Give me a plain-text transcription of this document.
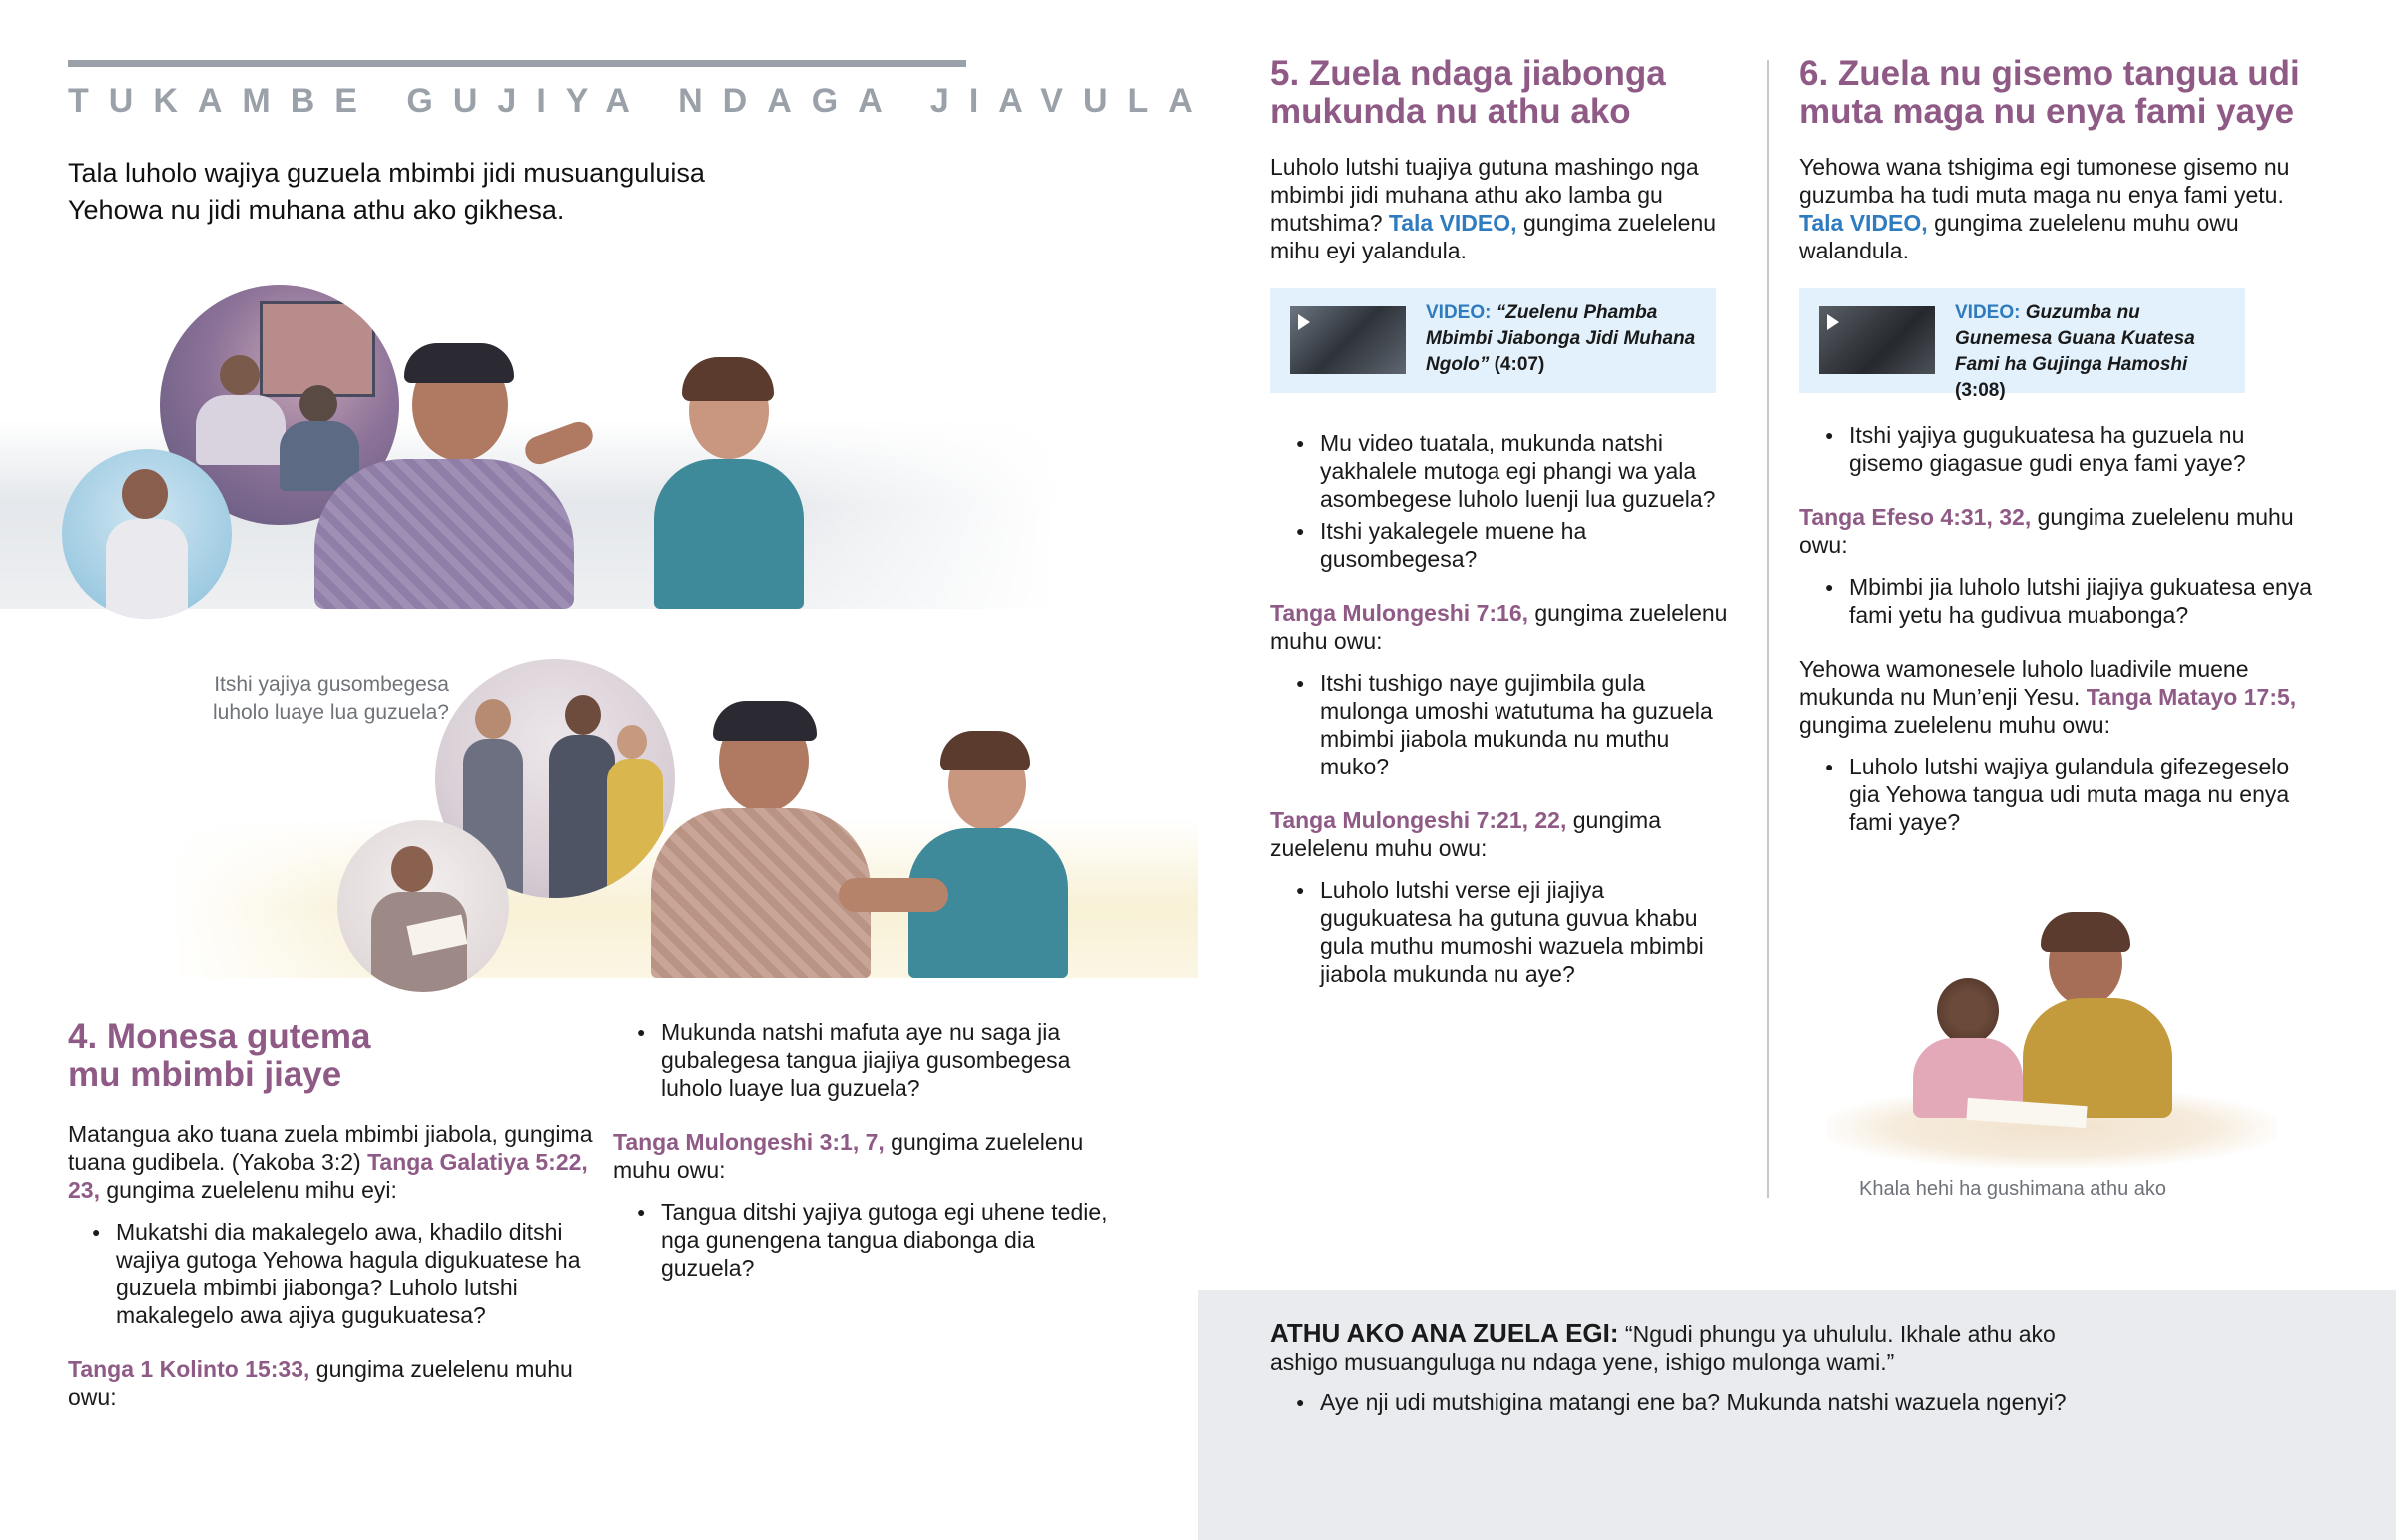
TUKAMBE GUJIYA NDAGA JIAVULA
Tala luholo wajiya guzuela mbimbi jidi musuanguluisa Yehowa nu jidi muhana athu ako gikhesa.
Itshi yajiya gusombegesa luholo luaye lua guzuela?
4. Monesa gutema
mu mbimbi jiaye
Matangua ako tuana zuela mbimbi jiabola, gungima tuana gudibela. (Yakoba 3:2) Tanga Galatiya 5:22, 23, gungima zuelelenu mihu eyi:
● Mukatshi dia makalegelo awa, khadilo ditshi wajiya gutoga Yehowa hagula digukuatese ha guzuela mbimbi jiabonga? Luholo lutshi makalegelo awa ajiya gugukuatesa?
Tanga 1 Kolinto 15:33, gungima zuelelenu muhu owu:
● Mukunda natshi mafuta aye nu saga jia gubalegesa tangua jiajiya gusombegesa luholo luaye lua guzuela?
Tanga Mulongeshi 3:1, 7, gungima zuelelenu muhu owu:
● Tangua ditshi yajiya gutoga egi uhene tedie, nga gunengena tangua diabonga dia guzuela?
5. Zuela ndaga jiabonga
mukunda nu athu ako
Luholo lutshi tuajiya gutuna mashingo nga mbimbi jidi muhana athu ako lamba gu mutshima? Tala VIDEO, gungima zuelelenu mihu eyi yalandula.
VIDEO: “Zuelenu Phamba Mbimbi Jiabonga Jidi Muhana Ngolo” (4:07)
● Mu video tuatala, mukunda natshi yakhalele mutoga egi phangi wa yala asombegese luholo luenji lua guzuela?
● Itshi yakalegele muene ha gusombegesa?
Tanga Mulongeshi 7:16, gungima zuelelenu muhu owu:
● Itshi tushigo naye gujimbila gula mulonga umoshi watutuma ha guzuela mbimbi jiabola mukunda nu muthu muko?
Tanga Mulongeshi 7:21, 22, gungima zuelelenu muhu owu:
● Luholo lutshi verse eji jiajiya gugukuatesa ha gutuna guvua khabu gula muthu mumoshi wazuela mbimbi jiabola mukunda nu aye?
6. Zuela nu gisemo tangua udi
muta maga nu enya fami yaye
Yehowa wana tshigima egi tumonese gisemo nu guzumba ha tudi muta maga nu enya fami yetu. Tala VIDEO, gungima zuelelenu muhu owu walandula.
VIDEO: Guzumba nu Gunemesa Guana Kuatesa Fami ha Gujinga Hamoshi (3:08)
● Itshi yajiya gugukuatesa ha guzuela nu gisemo giagasue gudi enya fami yaye?
Tanga Efeso 4:31, 32, gungima zuelelenu muhu owu:
● Mbimbi jia luholo lutshi jiajiya gukuatesa enya fami yetu ha gudivua muabonga?
Yehowa wamonesele luholo luadivile muene mukunda nu Mun’enji Yesu. Tanga Matayo 17:5, gungima zuelelenu muhu owu:
● Luholo lutshi wajiya gulandula gifezegeselo gia Yehowa tangua udi muta maga nu enya fami yaye?
Khala hehi ha gushimana athu ako
ATHU AKO ANA ZUELA EGI: “Ngudi phungu ya uhululu. Ikhale athu ako ashigo musuanguluga nu ndaga yene, ishigo mulonga wami.”
● Aye nji udi mutshigina matangi ene ba? Mukunda natshi wazuela ngenyi?
